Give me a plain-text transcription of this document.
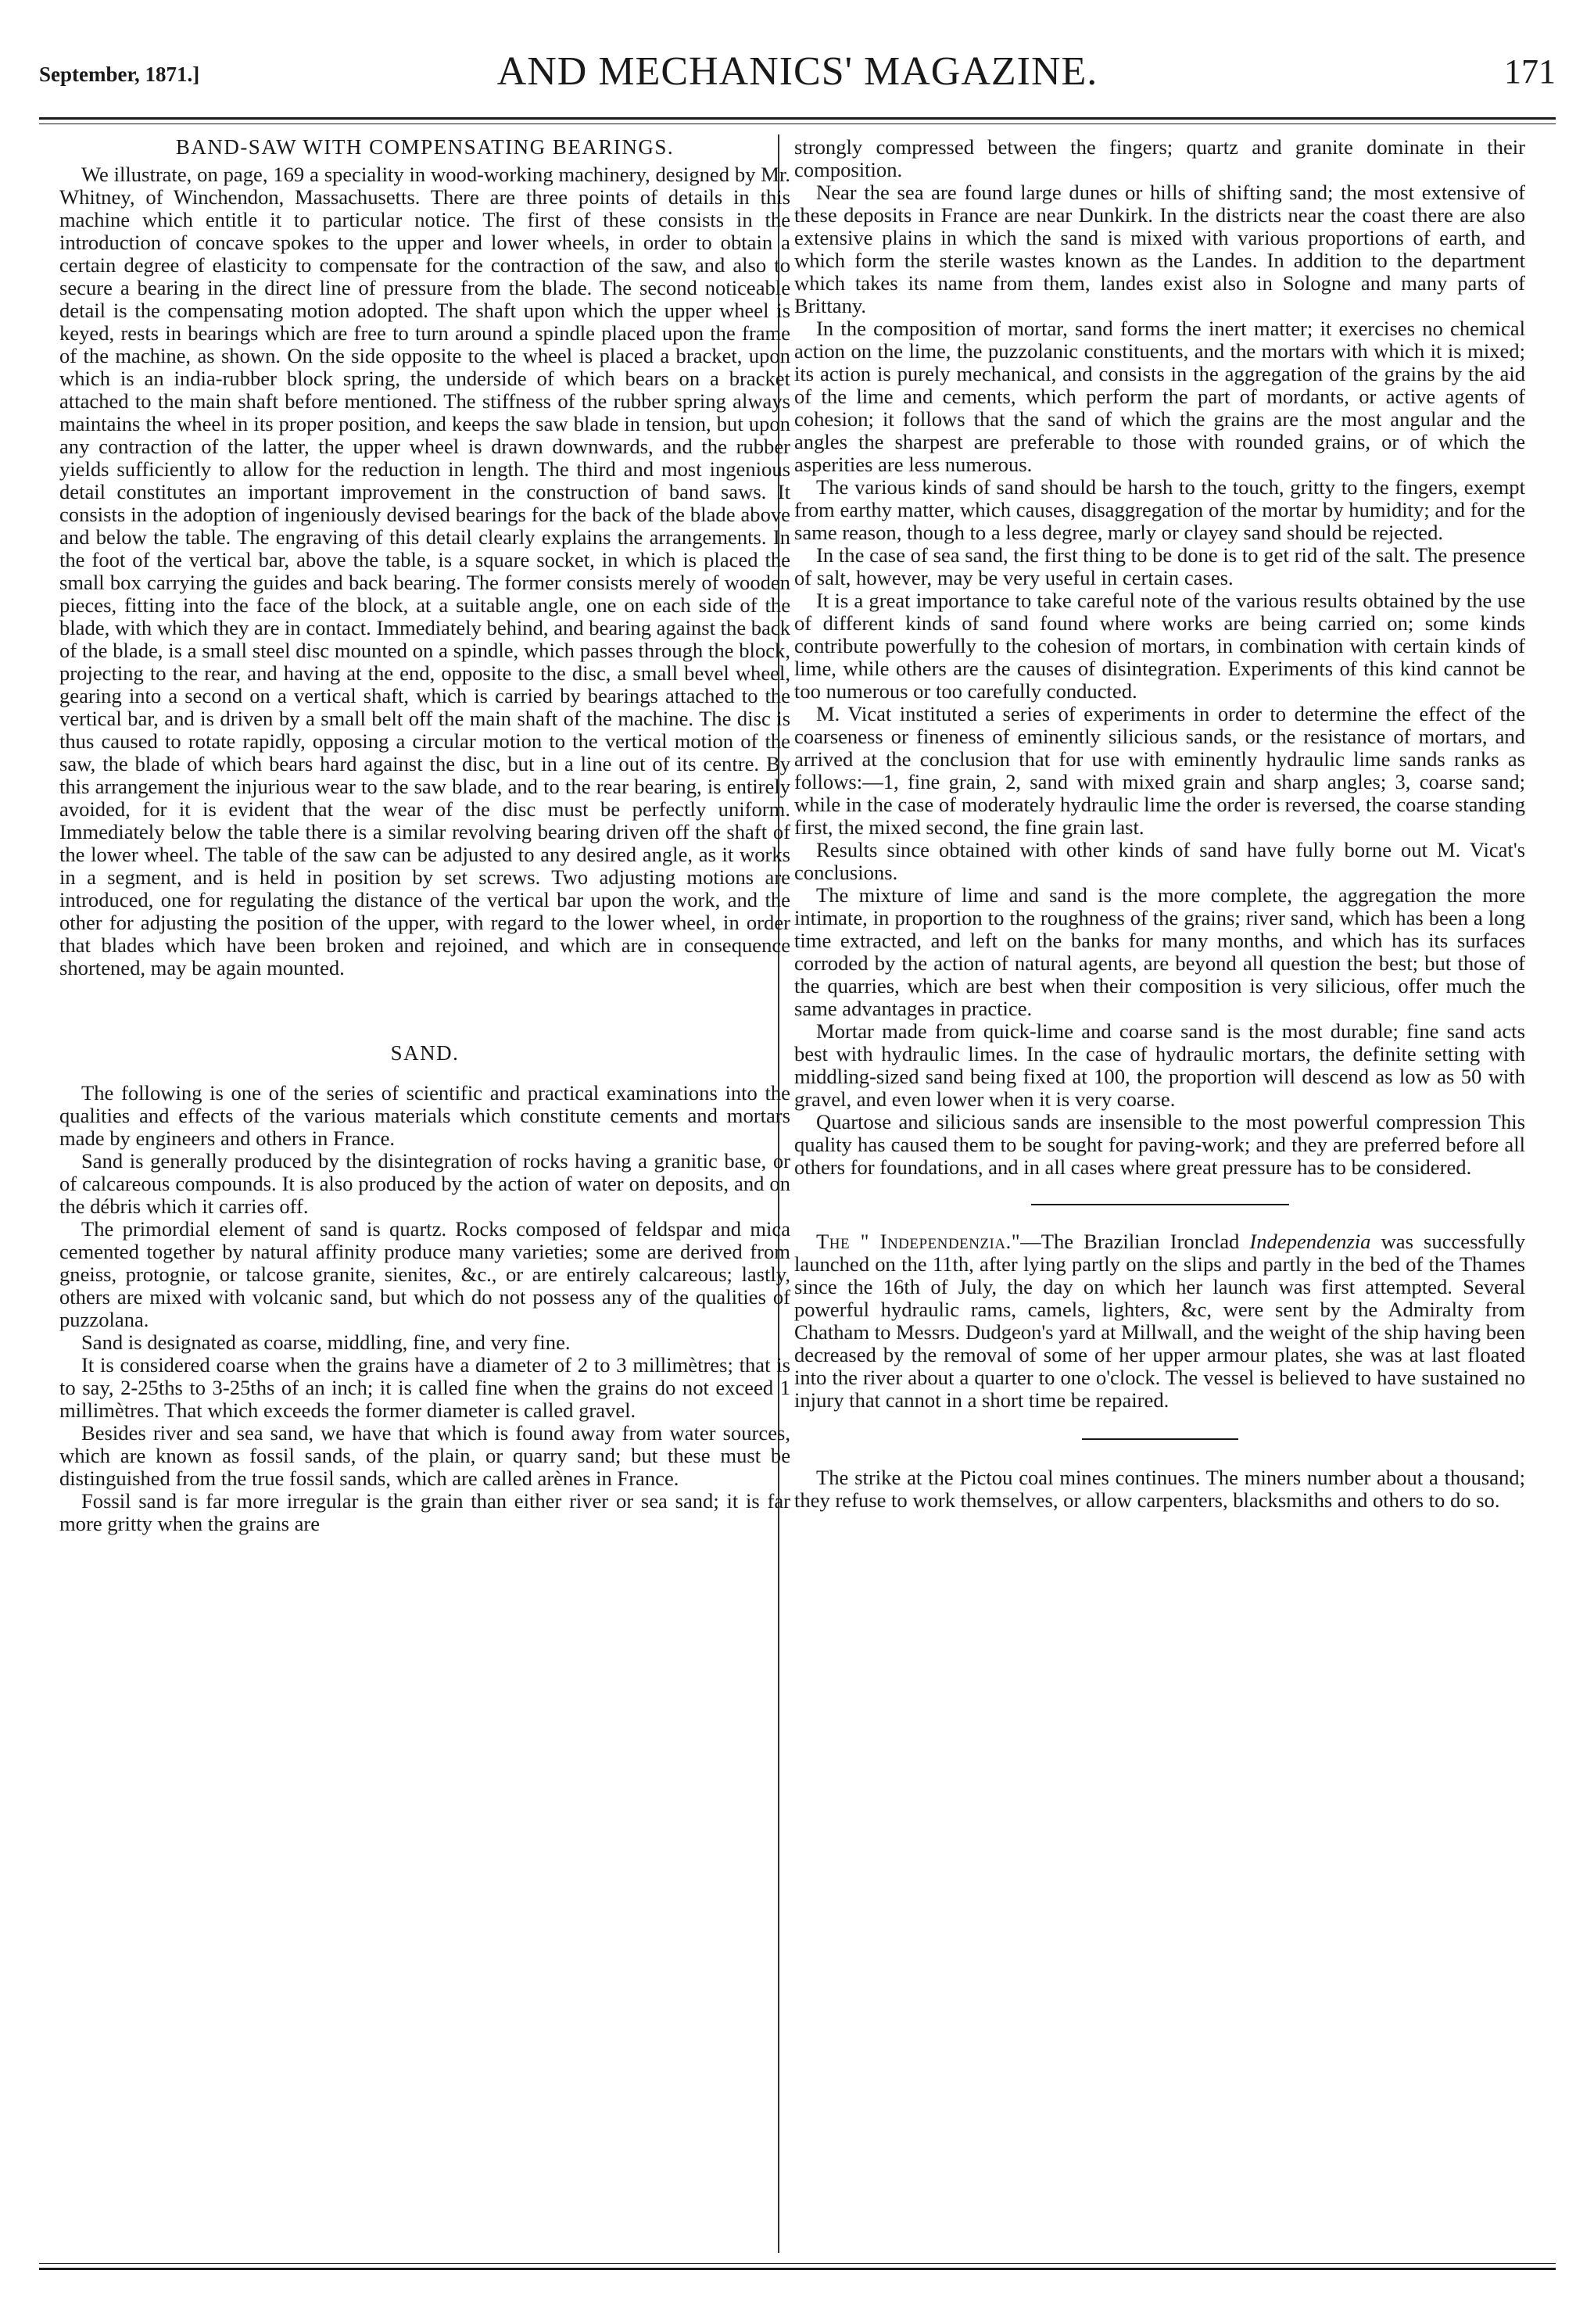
September, 1871.]	AND MECHANICS' MAGAZINE.	171
BAND-SAW WITH COMPENSATING BEARINGS.

We illustrate, on page, 169 a speciality in wood-working machinery, designed by Mr. Whitney, of Winchendon, Massachusetts. There are three points of details in this machine which entitle it to particular notice. The first of these consists in the introduction of concave spokes to the upper and lower wheels, in order to obtain a certain degree of elasticity to compensate for the contraction of the saw, and also to secure a bearing in the direct line of pressure from the blade. The second noticeable detail is the compensating motion adopted. The shaft upon which the upper wheel is keyed, rests in bearings which are free to turn around a spindle placed upon the frame of the machine, as shown. On the side opposite to the wheel is placed a bracket, upon which is an india-rubber block spring, the underside of which bears on a bracket attached to the main shaft before mentioned. The stiffness of the rubber spring always maintains the wheel in its proper position, and keeps the saw blade in tension, but upon any contraction of the latter, the upper wheel is drawn downwards, and the rubber yields sufficiently to allow for the reduction in length. The third and most ingenious detail constitutes an important improvement in the construction of band saws. It consists in the adoption of ingeniously devised bearings for the back of the blade above and below the table. The engraving of this detail clearly explains the arrangements. In the foot of the vertical bar, above the table, is a square socket, in which is placed the small box carrying the guides and back bearing. The former consists merely of wooden pieces, fitting into the face of the block, at a suitable angle, one on each side of the blade, with which they are in contact. Immediately behind, and bearing against the back of the blade, is a small steel disc mounted on a spindle, which passes through the block, projecting to the rear, and having at the end, opposite to the disc, a small bevel wheel, gearing into a second on a vertical shaft, which is carried by bearings attached to the vertical bar, and is driven by a small belt off the main shaft of the machine. The disc is thus caused to rotate rapidly, opposing a circular motion to the vertical motion of the saw, the blade of which bears hard against the disc, but in a line out of its centre. By this arrangement the injurious wear to the saw blade, and to the rear bearing, is entirely avoided, for it is evident that the wear of the disc must be perfectly uniform. Immediately below the table there is a similar revolving bearing driven off the shaft of the lower wheel. The table of the saw can be adjusted to any desired angle, as it works in a segment, and is held in position by set screws. Two adjusting motions are introduced, one for regulating the distance of the vertical bar upon the work, and the other for adjusting the position of the upper, with regard to the lower wheel, in order that blades which have been broken and rejoined, and which are in consequence shortened, may be again mounted.

SAND.

The following is one of the series of scientific and practical examinations into the qualities and effects of the various materials which constitute cements and mortars made by engineers and others in France.

Sand is generally produced by the disintegration of rocks having a granitic base, or of calcareous compounds. It is also produced by the action of water on deposits, and on the débris which it carries off.

The primordial element of sand is quartz. Rocks composed of feldspar and mica cemented together by natural affinity produce many varieties; some are derived from gneiss, protognie, or talcose granite, sienites, &c., or are entirely calcareous; lastly, others are mixed with volcanic sand, but which do not possess any of the qualities of puzzolana.

Sand is designated as coarse, middling, fine, and very fine.

It is considered coarse when the grains have a diameter of 2 to 3 millimètres; that is to say, 2-25ths to 3-25ths of an inch; it is called fine when the grains do not exceed 1 millimètres. That which exceeds the former diameter is called gravel.

Besides river and sea sand, we have that which is found away from water sources, which are known as fossil sands, of the plain, or quarry sand; but these must be distinguished from the true fossil sands, which are called arènes in France.

Fossil sand is far more irregular is the grain than either river or sea sand; it is far more gritty when the grains are

strongly compressed between the fingers; quartz and granite dominate in their composition.

Near the sea are found large dunes or hills of shifting sand; the most extensive of these deposits in France are near Dunkirk. In the districts near the coast there are also extensive plains in which the sand is mixed with various proportions of earth, and which form the sterile wastes known as the Landes. In addition to the department which takes its name from them, landes exist also in Sologne and many parts of Brittany.

In the composition of mortar, sand forms the inert matter; it exercises no chemical action on the lime, the puzzolanic constituents, and the mortars with which it is mixed; its action is purely mechanical, and consists in the aggregation of the grains by the aid of the lime and cements, which perform the part of mordants, or active agents of cohesion; it follows that the sand of which the grains are the most angular and the angles the sharpest are preferable to those with rounded grains, or of which the asperities are less numerous.

The various kinds of sand should be harsh to the touch, gritty to the fingers, exempt from earthy matter, which causes, disaggregation of the mortar by humidity; and for the same reason, though to a less degree, marly or clayey sand should be rejected.

In the case of sea sand, the first thing to be done is to get rid of the salt. The presence of salt, however, may be very useful in certain cases.

It is a great importance to take careful note of the various results obtained by the use of different kinds of sand found where works are being carried on; some kinds contribute powerfully to the cohesion of mortars, in combination with certain kinds of lime, while others are the causes of disintegration. Experiments of this kind cannot be too numerous or too carefully conducted.

M. Vicat instituted a series of experiments in order to determine the effect of the coarseness or fineness of eminently silicious sands, or the resistance of mortars, and arrived at the conclusion that for use with eminently hydraulic lime sands ranks as follows:—1, fine grain, 2, sand with mixed grain and sharp angles; 3, coarse sand; while in the case of moderately hydraulic lime the order is reversed, the coarse standing first, the mixed second, the fine grain last.

Results since obtained with other kinds of sand have fully borne out M. Vicat's conclusions.

The mixture of lime and sand is the more complete, the aggregation the more intimate, in proportion to the roughness of the grains; river sand, which has been a long time extracted, and left on the banks for many months, and which has its surfaces corroded by the action of natural agents, are beyond all question the best; but those of the quarries, which are best when their composition is very silicious, offer much the same advantages in practice.

Mortar made from quick-lime and coarse sand is the most durable; fine sand acts best with hydraulic limes. In the case of hydraulic mortars, the definite setting with middling-sized sand being fixed at 100, the proportion will descend as low as 50 with gravel, and even lower when it is very coarse.

Quartose and silicious sands are insensible to the most powerful compression This quality has caused them to be sought for paving-work; and they are preferred before all others for foundations, and in all cases where great pressure has to be considered.

The " Independenzia."—The Brazilian Ironclad Independenzia was successfully launched on the 11th, after lying partly on the slips and partly in the bed of the Thames since the 16th of July, the day on which her launch was first attempted. Several powerful hydraulic rams, camels, lighters, &c, were sent by the Admiralty from Chatham to Messrs. Dudgeon's yard at Millwall, and the weight of the ship having been decreased by the removal of some of her upper armour plates, she was at last floated into the river about a quarter to one o'clock. The vessel is believed to have sustained no injury that cannot in a short time be repaired.

The strike at the Pictou coal mines continues. The miners number about a thousand; they refuse to work themselves, or allow carpenters, blacksmiths and others to do so.
